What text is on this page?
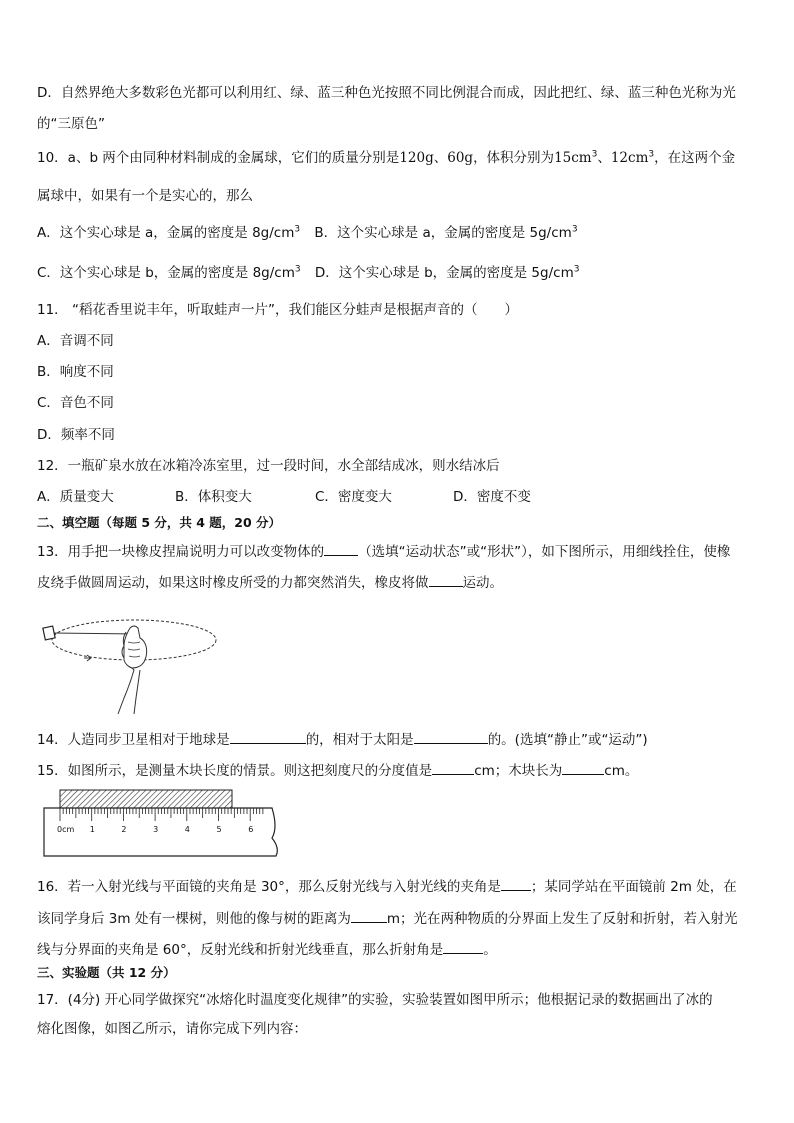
D．自然界绝大多数彩色光都可以利用红、绿、蓝三种色光按照不同比例混合而成，因此把红、绿、蓝三种色光称为光
的“三原色”
10．a、b 两个由同种材料制成的金属球，它们的质量分别是120g、60g，体积分别为$15cm^3$、$12cm^3$，在这两个金
属球中，如果有一个是实心的，那么
A．这个实心球是 a，金属的密度是 $8g/cm^3$ B．这个实心球是 a，金属的密度是 $5g/cm^3$
C．这个实心球是 b，金属的密度是 $8g/cm^3$ D．这个实心球是 b，金属的密度是 $5g/cm^3$
11． “稻花香里说丰年，听取蛙声一片”，我们能区分蛙声是根据声音的（　　）
A．音调不同
B．响度不同
C．音色不同
D．频率不同
12．一瓶矿泉水放在冰箱冷冻室里，过一段时间，水全部结成冰，则水结冰后
A．质量变大	B．体积变大	C．密度变大	D．密度不变
二、填空题（每题 5 分，共 4 题，20 分）
13．用手把一块橡皮捏扁说明力可以改变物体的	（选填“运动状态”或“形状”），如下图所示，用细线拴住，使橡
皮绕手做圆周运动，如果这时橡皮所受的力都突然消失，橡皮将做	运动。
14．人造同步卫星相对于地球是	的，相对于太阳是	的。(选填“静止”或“运动”)
15．如图所示，是测量木块长度的情景。则这把刻度尺的分度值是	cm；木块长为	cm。
0cm 1	2	3	4	5	6
16．若一入射光线与平面镜的夹角是 30°，那么反射光线与入射光线的夹角是 ；某同学站在平面镜前 2m 处，在
该同学身后 3m 处有一棵树，则他的像与树的距离为	m；光在两种物质的分界面上发生了反射和折射，若入射光
线与分界面的夹角是 60°，反射光线和折射光线垂直，那么折射角是	。
三、实验题（共 12 分）
17．(4分) 开心同学做探究“冰熔化时温度变化规律”的实验，实验装置如图甲所示；他根据记录的数据画出了冰的
熔化图像，如图乙所示，请你完成下列内容：
